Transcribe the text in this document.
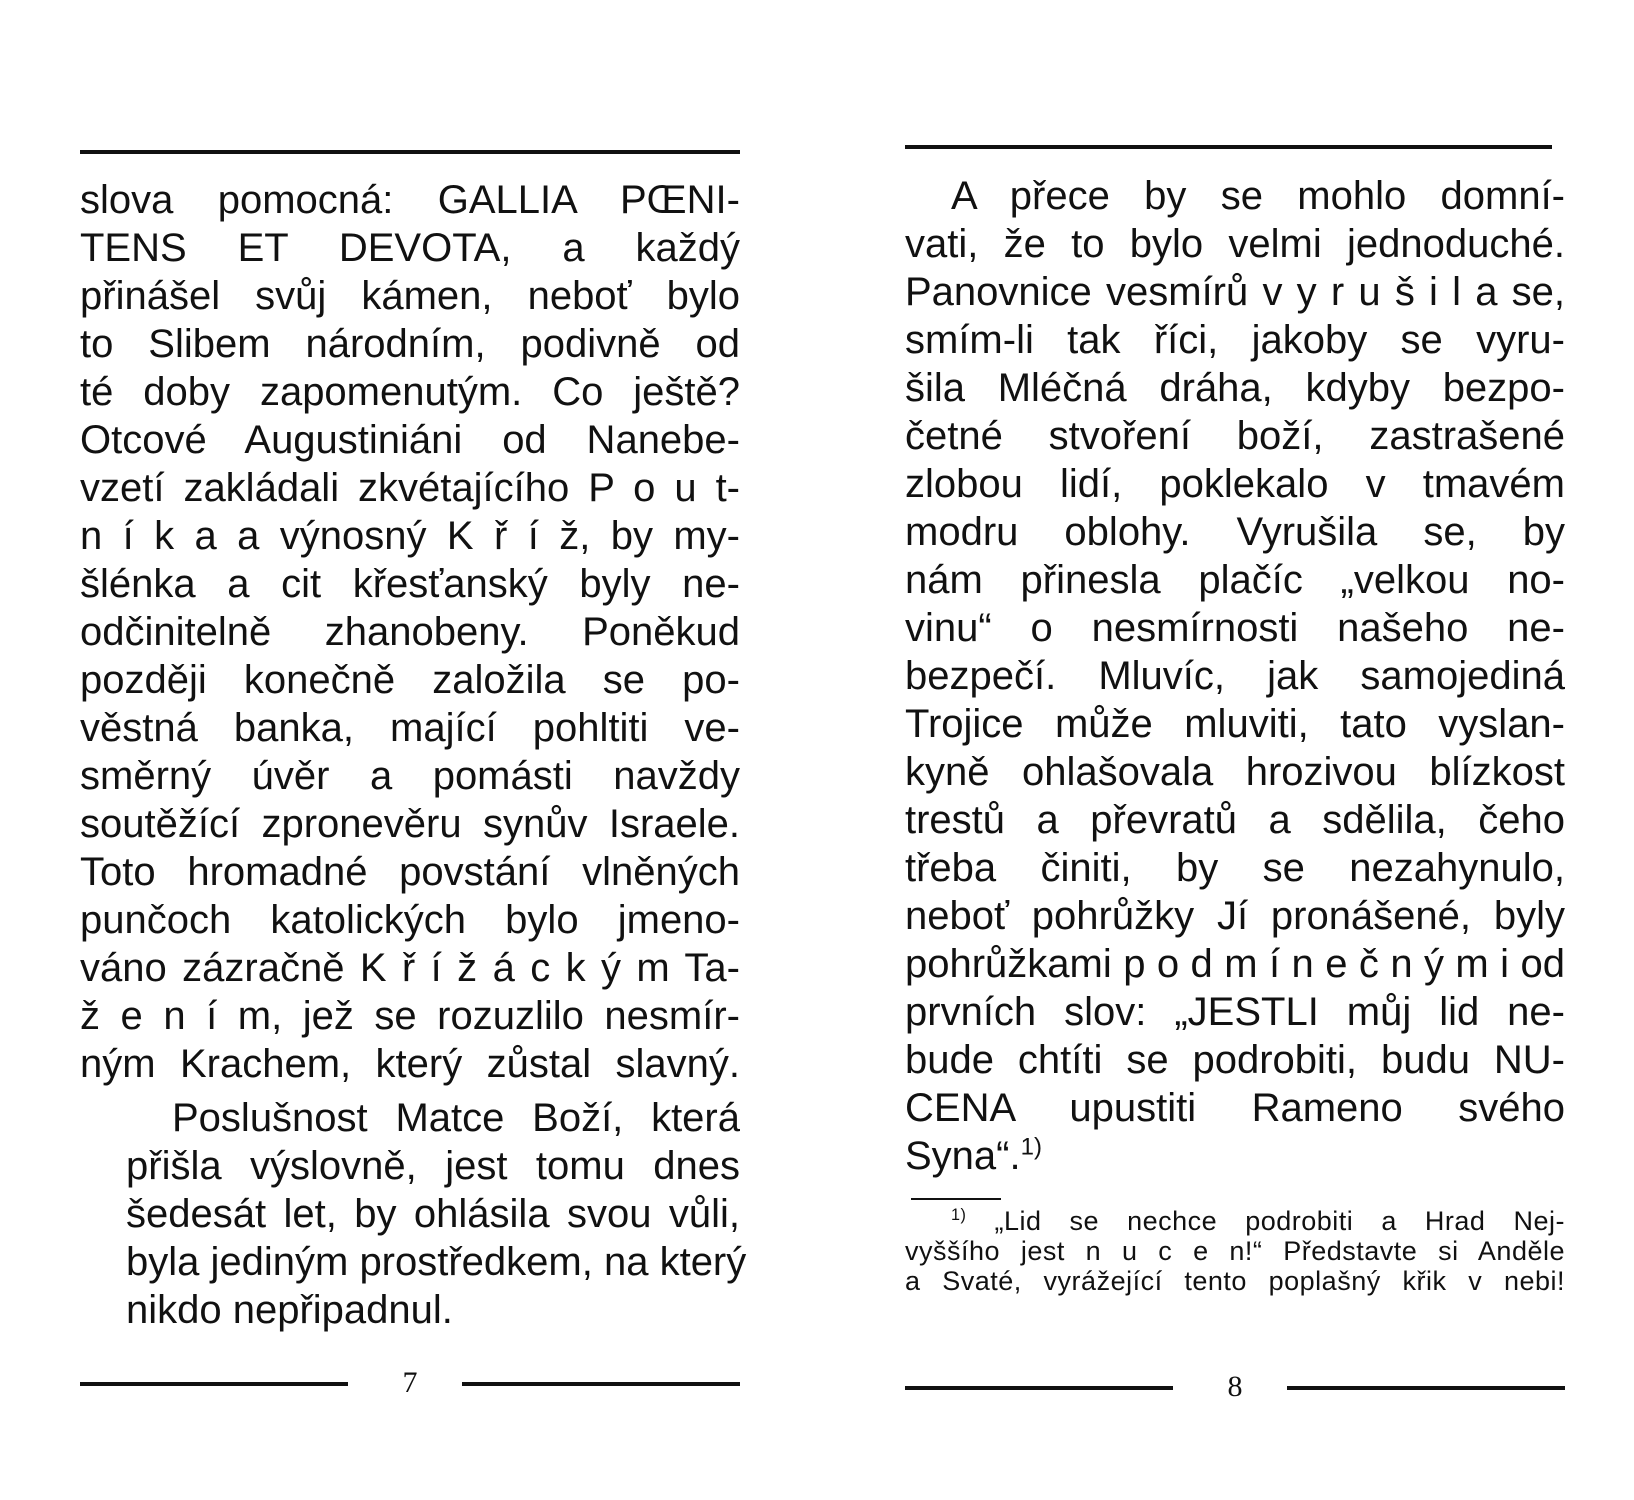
slova pomocná: GALLIA PŒNI-
TENS ET DEVOTA, a každý
přinášel svůj kámen, neboť bylo
to Slibem národním, podivně od
té doby zapomenutým. Co ještě?
Otcové Augustiniáni od Nanebe-
vzetí zakládali zkvétajícího P o u t-
n í k a a výnosný K ř í ž, by my-
šlénka a cit křesťanský byly ne-
odčinitelně zhanobeny. Poněkud
později konečně založila se po-
věstná banka, mající pohltiti ve-
směrný úvěr a pomásti navždy
soutěžící zpronevěru synův Israele.
Toto hromadné povstání vlněných
punčoch katolických bylo jmeno-
váno zázračně K ř í ž á c k ý m Ta-
ž e n í m, jež se rozuzlilo nesmír-
ným Krachem, který zůstal slavný.

Poslušnost Matce Boží, která
přišla výslovně, jest tomu dnes
šedesát let, by ohlásila svou vůli,
byla jediným prostředkem, na který
nikdo nepřipadnul.

7

A přece by se mohlo domní-
vati, že to bylo velmi jednoduché.
Panovnice vesmírů v y r u š i l a se,
smím-li tak říci, jakoby se vyru-
šila Mléčná dráha, kdyby bezpo-
četné stvoření boží, zastrašené
zlobou lidí, poklekalo v tmavém
modru oblohy. Vyrušila se, by
nám přinesla plačíc „velkou no-
vinu“ o nesmírnosti našeho ne-
bezpečí. Mluvíc, jak samojediná
Trojice může mluviti, tato vyslan-
kyně ohlašovala hrozivou blízkost
trestů a převratů a sdělila, čeho
třeba činiti, by se nezahynulo,
neboť pohrůžky Jí pronášené, byly
pohrůžkami p o d m í n e č n ý m i od
prvních slov: „JESTLI můj lid ne-
bude chtíti se podrobiti, budu NU-
CENA upustiti Rameno svého
Syna“.$^{1)}$

$^{1)}$ „Lid se nechce podrobiti a Hrad Nej-
vyššího jest n u c e n!“ Představte si Anděle
a Svaté, vyrážející tento poplašný křik v nebi!
8
